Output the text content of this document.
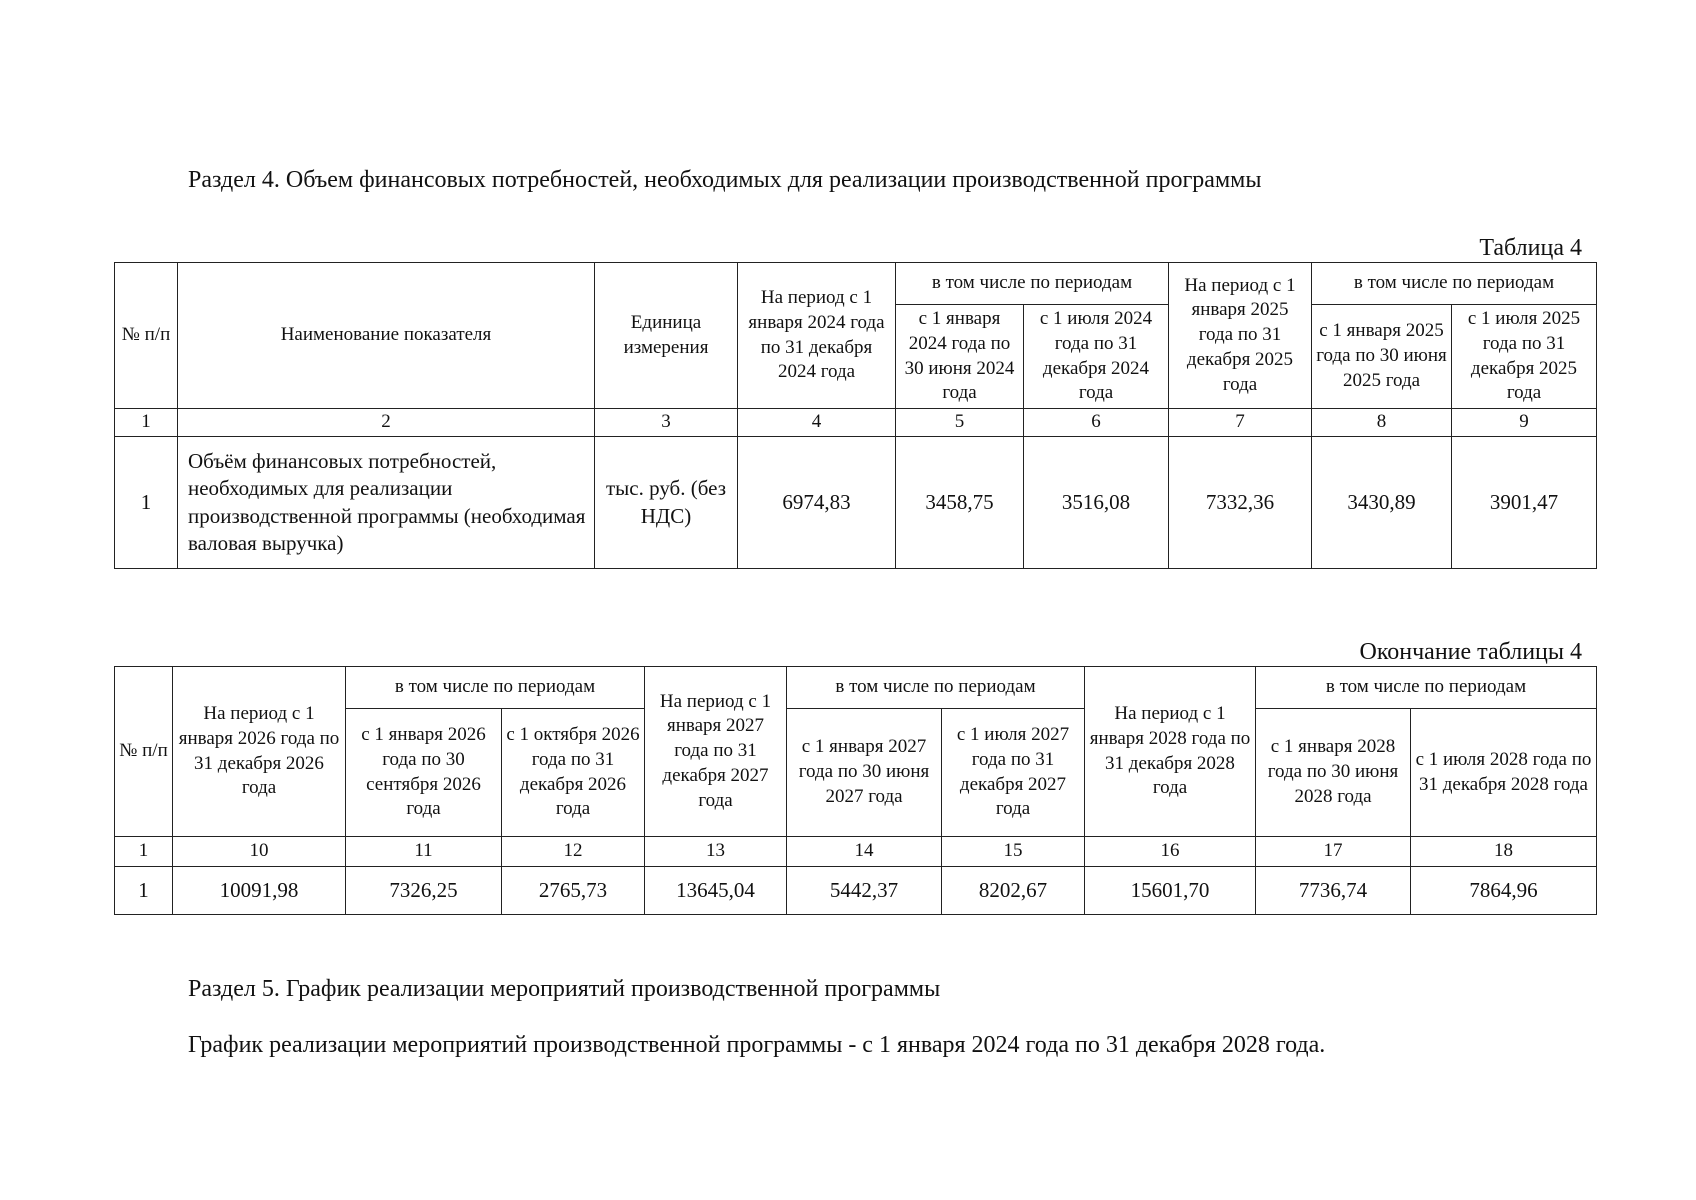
Раздел 4. Объем финансовых потребностей, необходимых для реализации производственной программы
Таблица 4
№ п/п	Наименование показателя	Единица измерения	На период с 1 января 2024 года по 31 декабря 2024 года	в том числе по периодам		На период с 1 января 2025 года по 31 декабря 2025 года	в том числе по периодам	
				с 1 января 2024 года по 30 июня 2024 года	с 1 июля 2024 года по 31 декабря 2024 года		с 1 января 2025 года по 30 июня 2025 года	с 1 июля 2025 года по 31 декабря 2025 года
1	2	3	4	5	6	7	8	9
1	Объём финансовых потребностей, необходимых для реализации производственной программы (необходимая валовая выручка)	тыс. руб. (без НДС)	6974,83	3458,75	3516,08	7332,36	3430,89	3901,47
Окончание таблицы 4
№ п/п	На период с 1 января 2026 года по 31 декабря 2026 года	в том числе по периодам		На период с 1 января 2027 года по 31 декабря 2027 года	в том числе по периодам		На период с 1 января 2028 года по 31 декабря 2028 года	в том числе по периодам	
		с 1 января 2026 года по 30 сентября 2026 года	с 1 октября 2026 года по 31 декабря 2026 года		с 1 января 2027 года по 30 июня 2027 года	с 1 июля 2027 года по 31 декабря 2027 года		с 1 января 2028 года по 30 июня 2028 года	с 1 июля 2028 года по 31 декабря 2028 года
1	10	11	12	13	14	15	16	17	18
1	10091,98	7326,25	2765,73	13645,04	5442,37	8202,67	15601,70	7736,74	7864,96
Раздел 5. График реализации мероприятий производственной программы
График реализации мероприятий производственной программы - с 1 января 2024 года по 31 декабря 2028 года.
